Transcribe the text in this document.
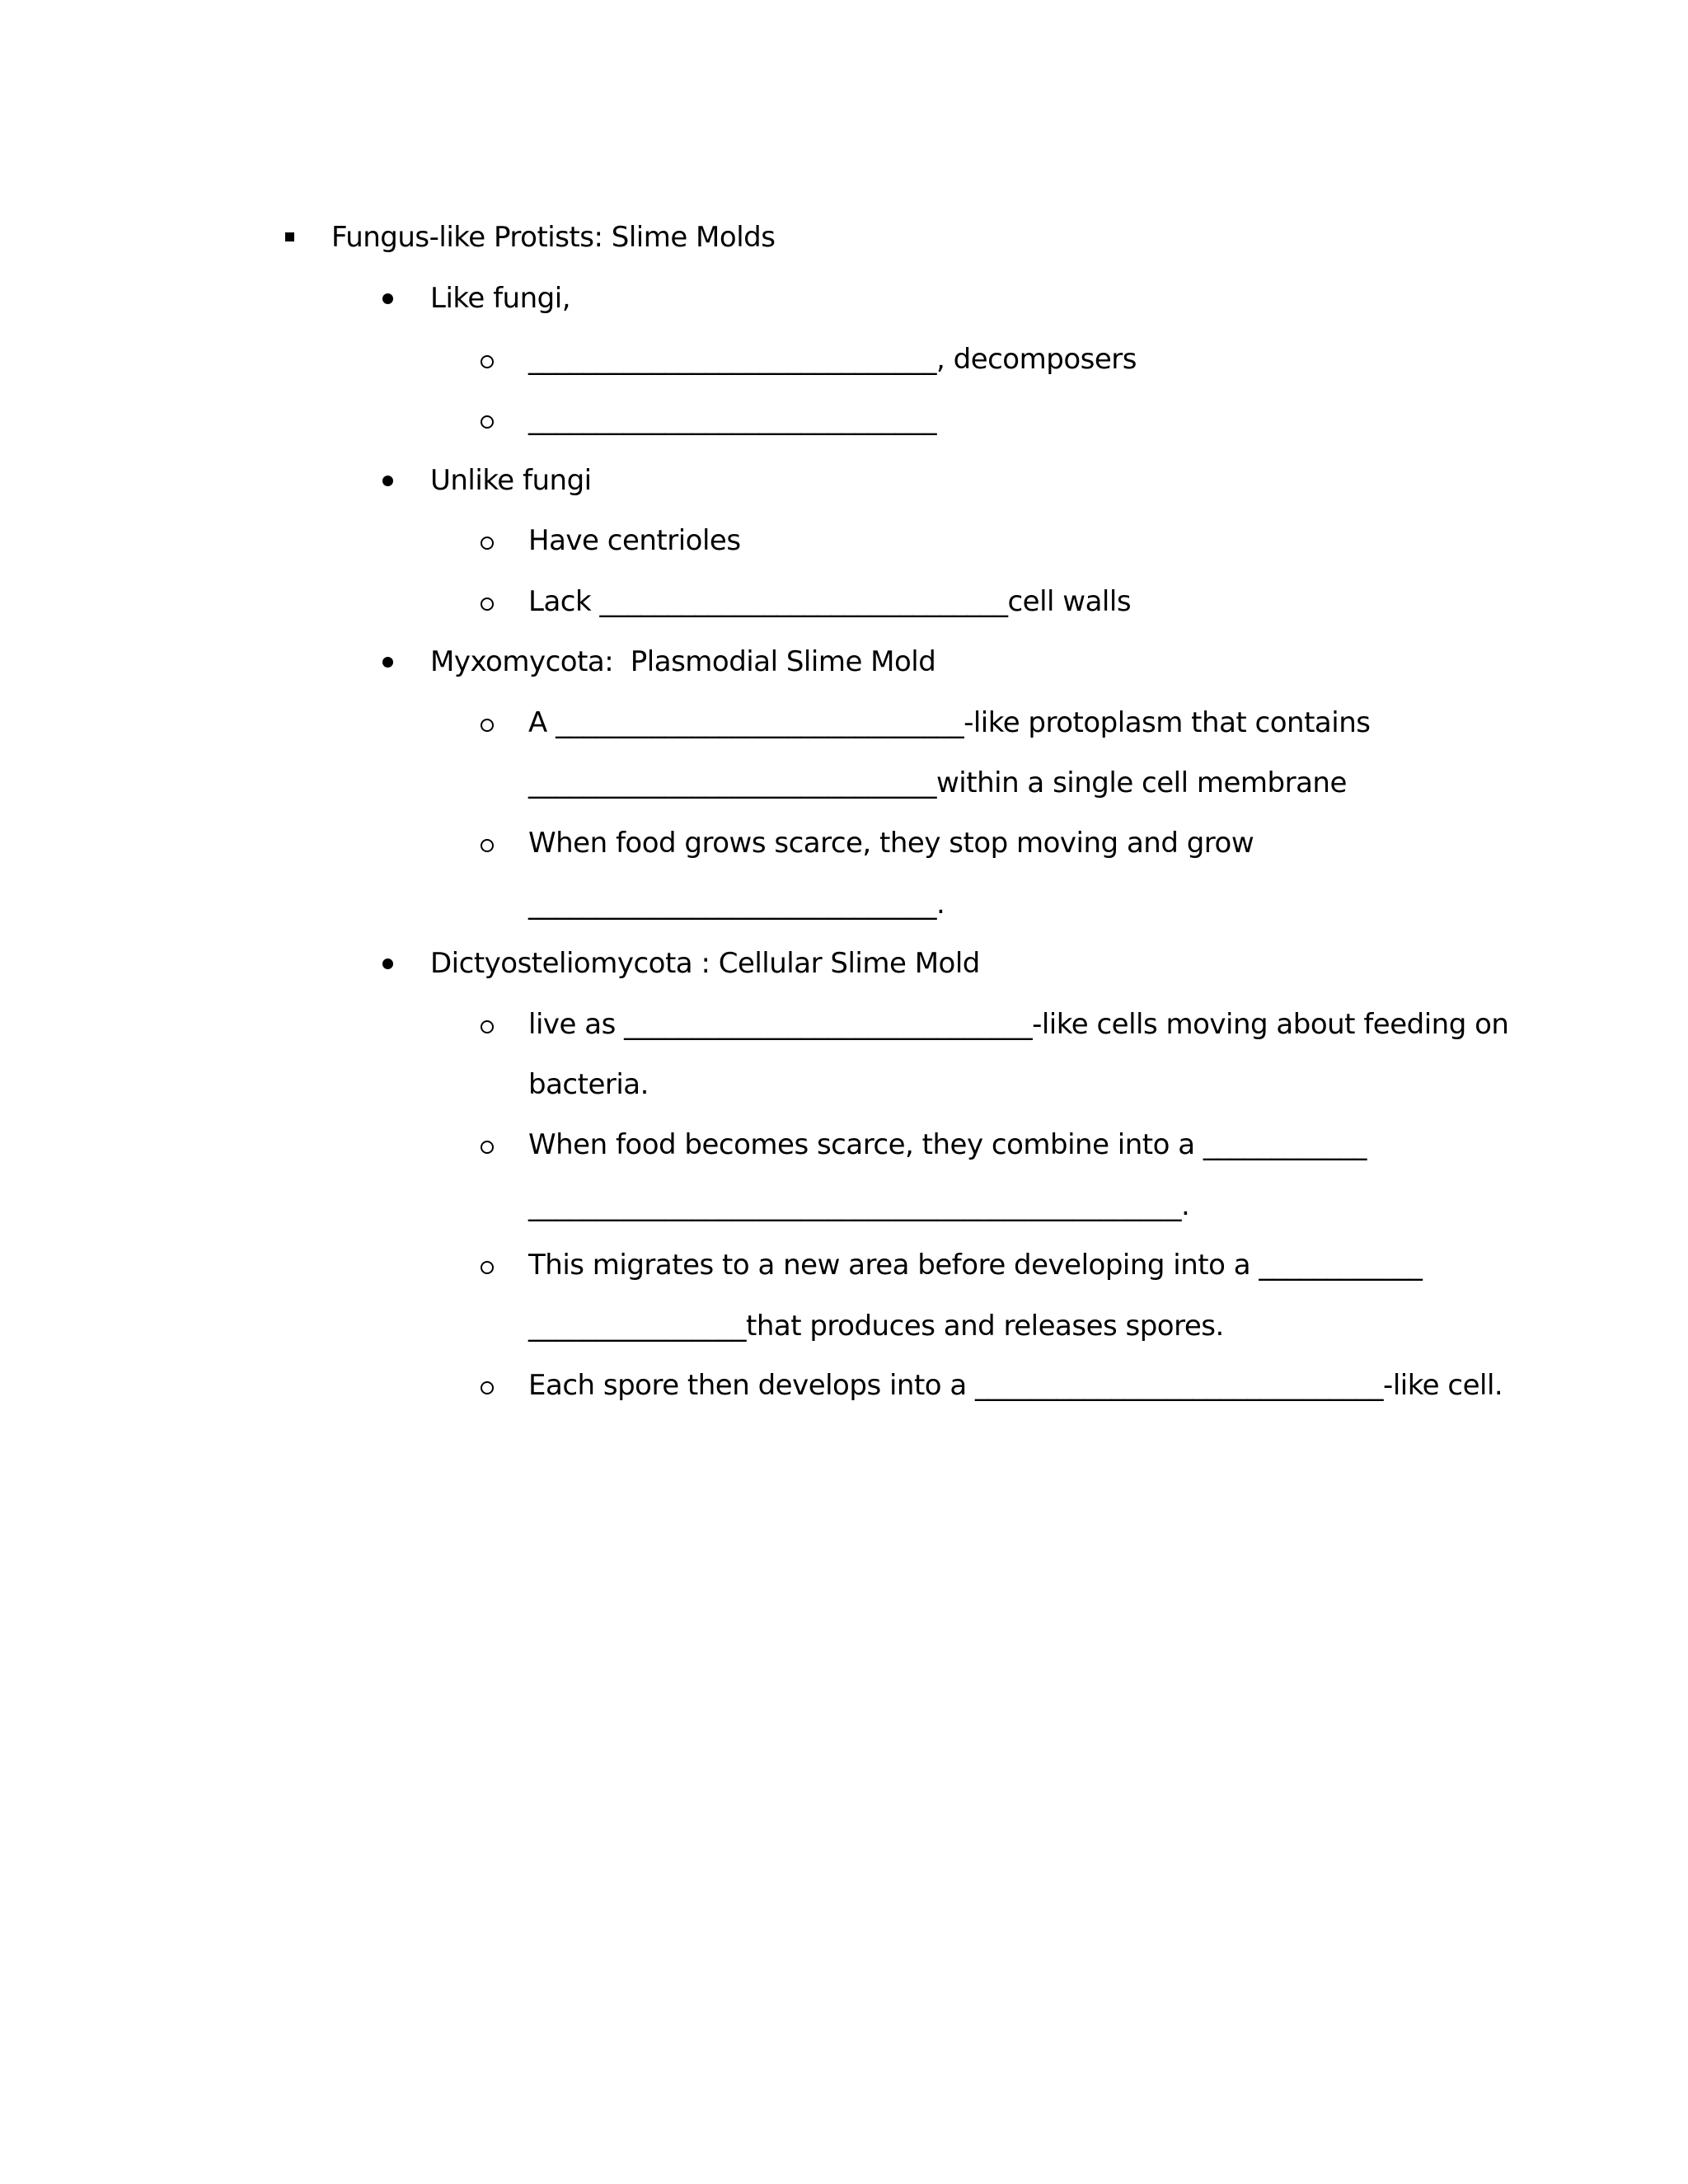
Fungus-like Protists: Slime Molds
Like fungi,
______________________________, decomposers
______________________________
Unlike fungi
Have centrioles
Lack ______________________________cell walls
Myxomycota:  Plasmodial Slime Mold
A ______________________________-like protoplasm that contains
______________________________within a single cell membrane
When food grows scarce, they stop moving and grow
______________________________.
Dictyosteliomycota : Cellular Slime Mold
live as ______________________________-like cells moving about feeding on
bacteria.
When food becomes scarce, they combine into a ____________
________________________________________________.
This migrates to a new area before developing into a ____________
________________that produces and releases spores.
Each spore then develops into a ______________________________-like cell.
